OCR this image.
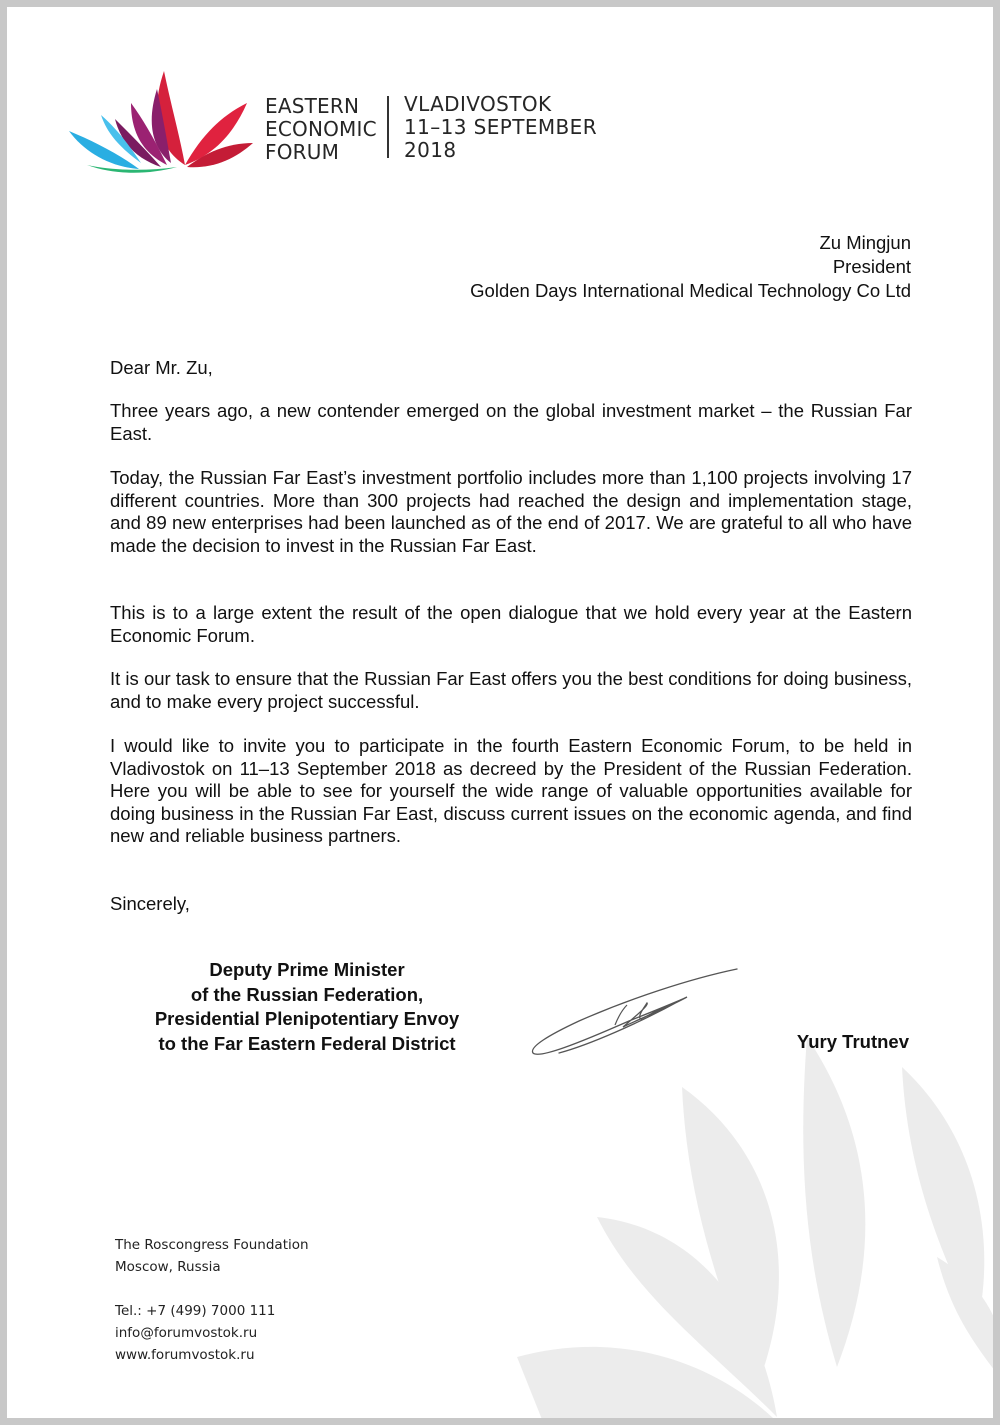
EASTERN
ECONOMIC
FORUM
VLADIVOSTOK
11–13 SEPTEMBER
2018
Zu Mingjun
President
Golden Days International Medical Technology Co Ltd
Dear Mr. Zu,

Three years ago, a new contender emerged on the global investment market – the Russian Far East.

Today, the Russian Far East’s investment portfolio includes more than 1,100 projects involving 17 different countries. More than 300 projects had reached the design and implementation stage, and 89 new enterprises had been launched as of the end of 2017. We are grateful to all who have made the decision to invest in the Russian Far East.

This is to a large extent the result of the open dialogue that we hold every year at the Eastern Economic Forum.

It is our task to ensure that the Russian Far East offers you the best conditions for doing business, and to make every project successful.

I would like to invite you to participate in the fourth Eastern Economic Forum, to be held in Vladivostok on 11–13 September 2018 as decreed by the President of the Russian Federation. Here you will be able to see for yourself the wide range of valuable opportunities available for doing business in the Russian Far East, discuss current issues on the economic agenda, and find new and reliable business partners.

Sincerely,
Deputy Prime Minister
of the Russian Federation,
Presidential Plenipotentiary Envoy
to the Far Eastern Federal District	Yury Trutnev
The Roscongress Foundation
Moscow, Russia
Tel.: +7 (499) 7000 111
info@forumvostok.ru
www.forumvostok.ru
